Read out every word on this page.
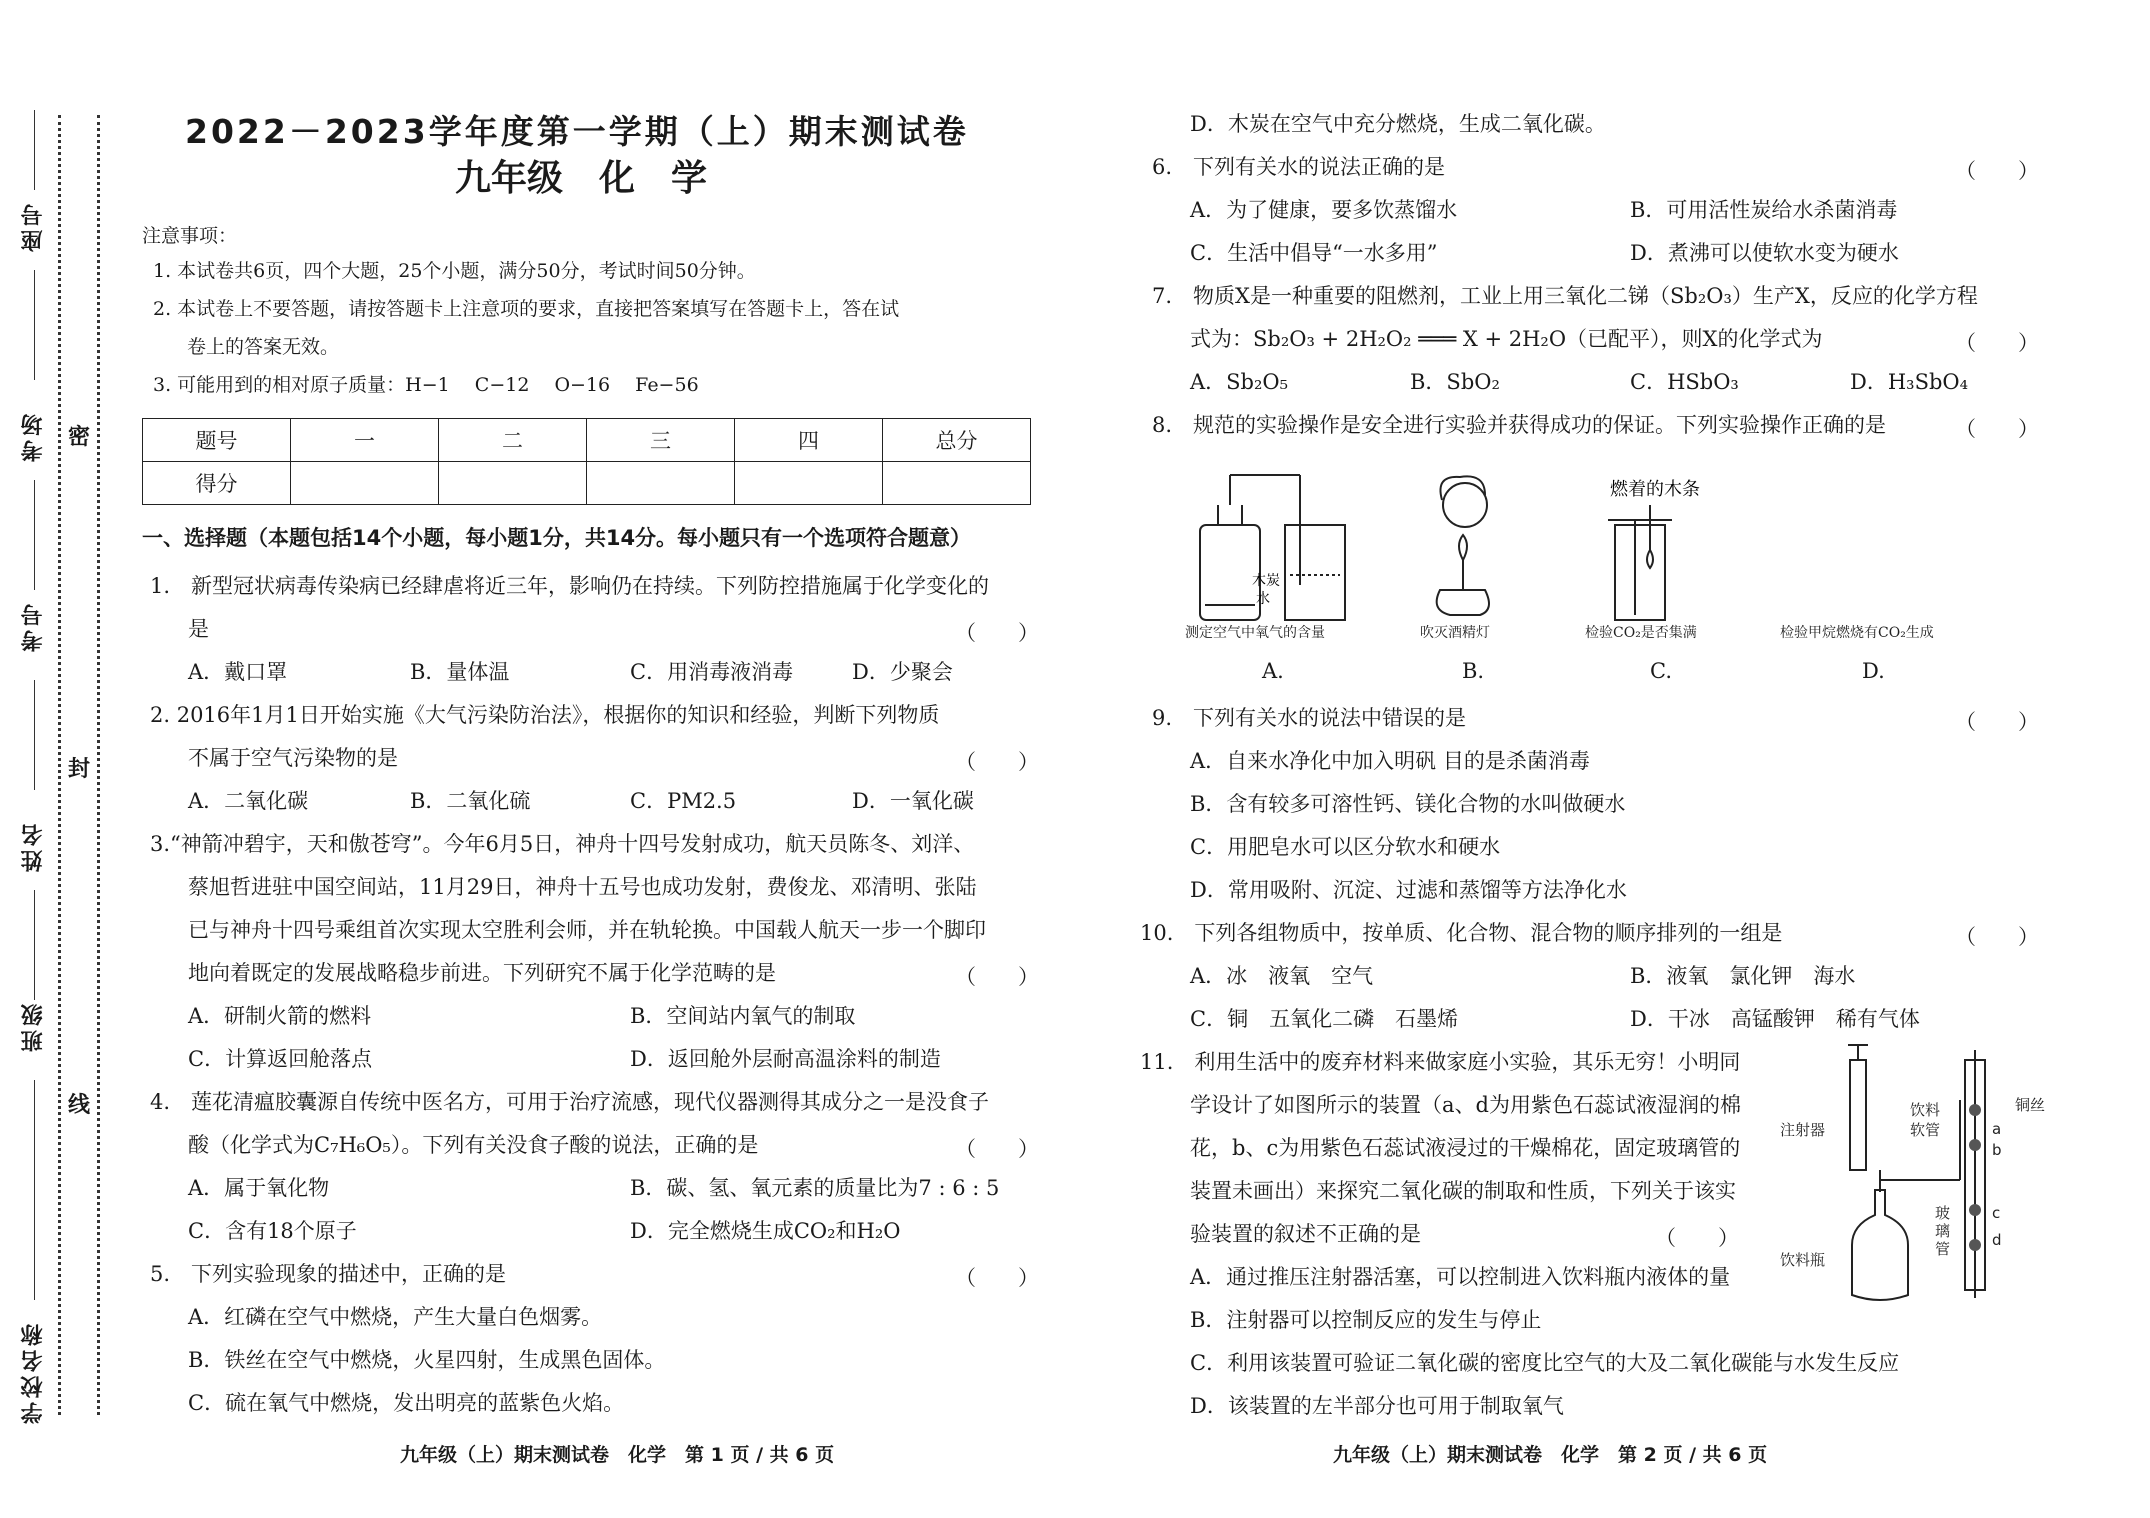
座号
考场
考号
姓名
班级
学校名称
密
封
线
2022－2023学年度第一学期（上）期末测试卷
九年级　化　学
注意事项：
1. 本试卷共6页，四个大题，25个小题，满分50分，考试时间50分钟。
2. 本试卷上不要答题，请按答题卡上注意项的要求，直接把答案填写在答题卡上，答在试
卷上的答案无效。
3. 可能用到的相对原子质量：H−1　 C−12　 O−16　 Fe−56
题号	一	二	三	四	总分
得分					
一、选择题（本题包括14个小题，每小题1分，共14分。每小题只有一个选项符合题意）
1.　新型冠状病毒传染病已经肆虐将近三年，影响仍在持续。下列防控措施属于化学变化的
是	（　　）
A．戴口罩	B．量体温	C．用消毒液消毒	D．少聚会
2. 2016年1月1日开始实施《大气污染防治法》，根据你的知识和经验，判断下列物质
不属于空气污染物的是	（　　）
A．二氧化碳	B．二氧化硫	C．PM2.5	D．一氧化碳
3.“神箭冲碧宇，天和傲苍穹”。今年6月5日，神舟十四号发射成功，航天员陈冬、刘洋、
蔡旭哲进驻中国空间站，11月29日，神舟十五号也成功发射，费俊龙、邓清明、张陆
已与神舟十四号乘组首次实现太空胜利会师，并在轨轮换。中国载人航天一步一个脚印
地向着既定的发展战略稳步前进。下列研究不属于化学范畴的是	（　　）
A．研制火箭的燃料	B．空间站内氧气的制取
C．计算返回舱落点	D．返回舱外层耐高温涂料的制造
4.　莲花清瘟胶囊源自传统中医名方，可用于治疗流感，现代仪器测得其成分之一是没食子
酸（化学式为C₇H₆O₅）。下列有关没食子酸的说法，正确的是	（　　）
A．属于氧化物	B．碳、氢、氧元素的质量比为7 : 6 : 5
C．含有18个原子	D．完全燃烧生成CO₂和H₂O
5.　下列实验现象的描述中，正确的是	（　　）
A．红磷在空气中燃烧，产生大量白色烟雾。
B．铁丝在空气中燃烧，火星四射，生成黑色固体。
C．硫在氧气中燃烧，发出明亮的蓝紫色火焰。
九年级（上）期末测试卷　化学　第 1 页 / 共 6 页
D．木炭在空气中充分燃烧，生成二氧化碳。
6.　下列有关水的说法正确的是	（　　）
A．为了健康，要多饮蒸馏水	B．可用活性炭给水杀菌消毒
C．生活中倡导“一水多用”	D．煮沸可以使软水变为硬水
7.　物质X是一种重要的阻燃剂，工业上用三氧化二锑（Sb₂O₃）生产X，反应的化学方程
式为：Sb₂O₃ + 2H₂O₂ ═══ X + 2H₂O（已配平），则X的化学式为	（　　）
A．Sb₂O₅	B．SbO₂	C．HSbO₃	D．H₃SbO₄
8.　规范的实验操作是安全进行实验并获得成功的保证。下列实验操作正确的是	（　　）
木炭
水
燃着的木条
测定空气中氧气的含量	吹灭酒精灯	检验CO₂是否集满	检验甲烷燃烧有CO₂生成
A.	B.	C.	D.
9.　下列有关水的说法中错误的是	（　　）
A．自来水净化中加入明矾 目的是杀菌消毒
B．含有较多可溶性钙、镁化合物的水叫做硬水
C．用肥皂水可以区分软水和硬水
D．常用吸附、沉淀、过滤和蒸馏等方法净化水
10.　下列各组物质中，按单质、化合物、混合物的顺序排列的一组是	（　　）
A．冰　液氧　空气	B．液氧　氯化钾　海水
C．铜　五氧化二磷　石墨烯	D．干冰　高锰酸钾　稀有气体
11.　利用生活中的废弃材料来做家庭小实验，其乐无穷！小明同
学设计了如图所示的装置（a、d为用紫色石蕊试液湿润的棉
花，b、c为用紫色石蕊试液浸过的干燥棉花，固定玻璃管的
装置未画出）来探究二氧化碳的制取和性质，下列关于该实
验装置的叙述不正确的是	（　　）
注射器
饮料
软管
玻
璃
管
铜丝
饮料瓶
a
b
c
d
A．通过推压注射器活塞，可以控制进入饮料瓶内液体的量
B．注射器可以控制反应的发生与停止
C．利用该装置可验证二氧化碳的密度比空气的大及二氧化碳能与水发生反应
D．该装置的左半部分也可用于制取氧气
九年级（上）期末测试卷　化学　第 2 页 / 共 6 页
